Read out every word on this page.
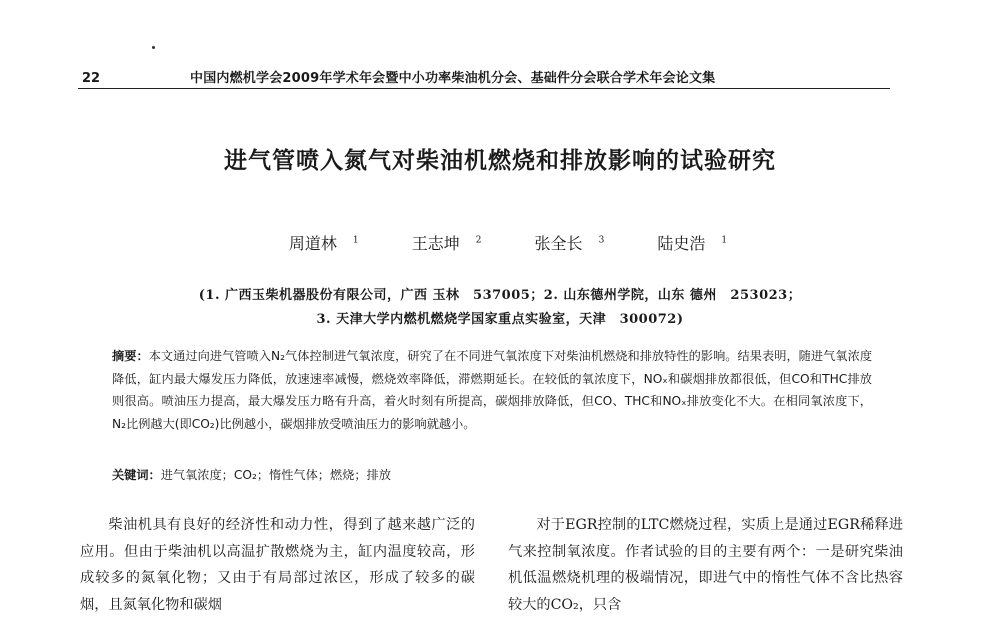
22	中国内燃机学会2009年学术年会暨中小功率柴油机分会、基础件分会联合学术年会论文集
进气管喷入氮气对柴油机燃烧和排放影响的试验研究
周道林 $^1$	王志坤 $^2$	张全长 $^3$	陆史浩 $^1$
(1. 广西玉柴机器股份有限公司，广西 玉林　537005；2. 山东德州学院，山东 德州　253023；
3. 天津大学内燃机燃烧学国家重点实验室，天津　300072)
摘要：本文通过向进气管喷入N₂气体控制进气氧浓度，研究了在不同进气氧浓度下对柴油机燃烧和排放特性的影响。结果表明，随进气氧浓度降低，缸内最大爆发压力降低，放速速率减慢，燃烧效率降低，滞燃期延长。在较低的氧浓度下，NOₓ和碳烟排放都很低，但CO和THC排放则很高。喷油压力提高，最大爆发压力略有升高，着火时刻有所提高，碳烟排放降低，但CO、THC和NOₓ排放变化不大。在相同氧浓度下，N₂比例越大(即CO₂)比例越小，碳烟排放受喷油压力的影响就越小。
关键词：进气氧浓度；CO₂；惰性气体；燃烧；排放

柴油机具有良好的经济性和动力性，得到了越来越广泛的应用。但由于柴油机以高温扩散燃烧为主，缸内温度较高，形成较多的氮氧化物；又由于有局部过浓区，形成了较多的碳烟，且氮氧化物和碳烟

对于EGR控制的LTC燃烧过程，实质上是通过EGR稀释进气来控制氧浓度。作者试验的目的主要有两个：一是研究柴油机低温燃烧机理的极端情况，即进气中的惰性气体不含比热容较大的CO₂，只含
